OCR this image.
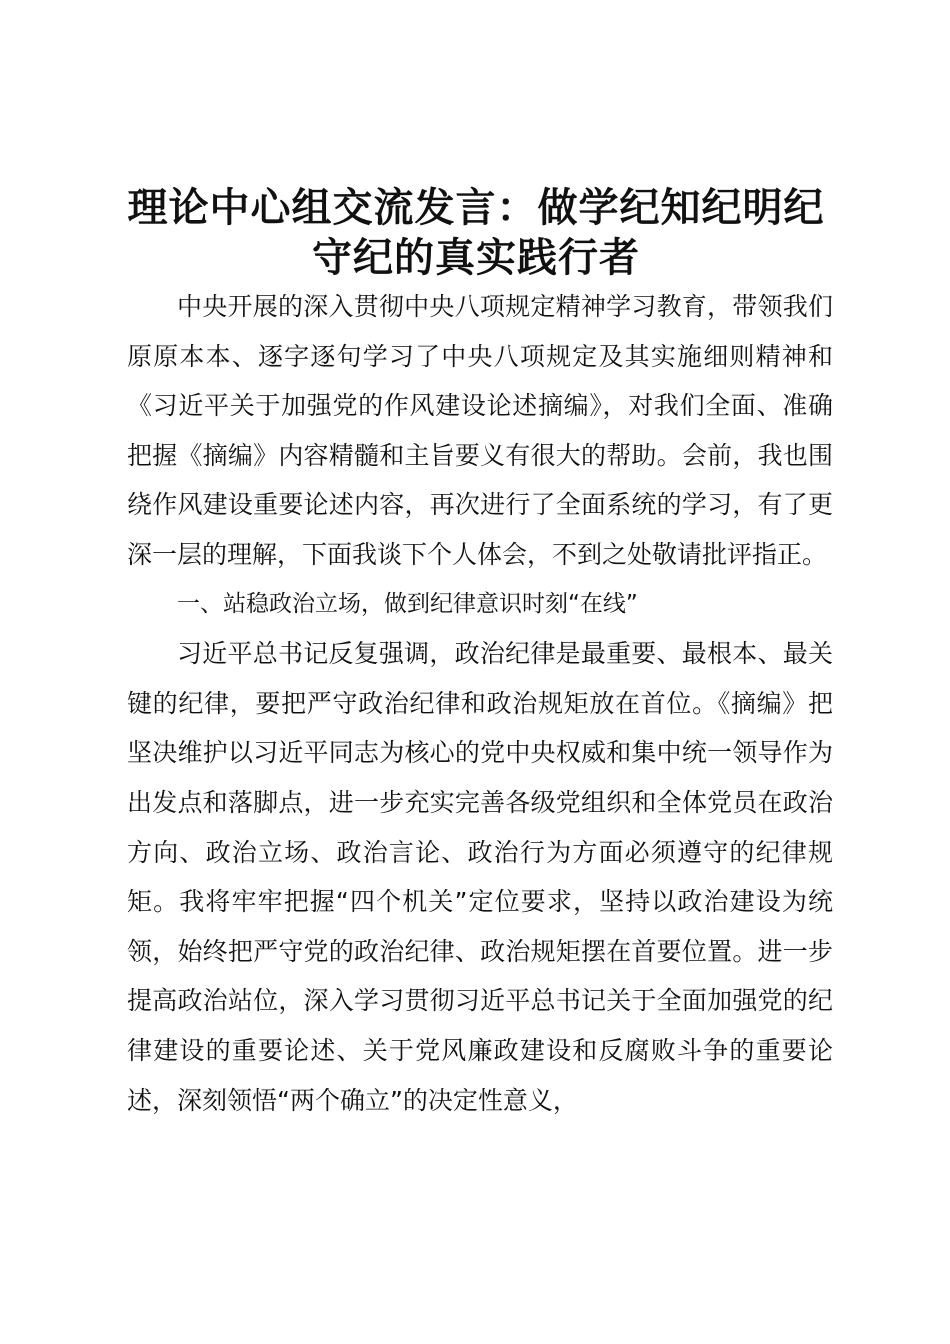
理论中心组交流发言：做学纪知纪明纪
守纪的真实践行者

中央开展的深入贯彻中央八项规定精神学习教育，带领我们原原本本、逐字逐句学习了中央八项规定及其实施细则精神和《习近平关于加强党的作风建设论述摘编》，对我们全面、准确把握《摘编》内容精髓和主旨要义有很大的帮助。会前，我也围绕作风建设重要论述内容，再次进行了全面系统的学习，有了更深一层的理解，下面我谈下个人体会，不到之处敬请批评指正。

一、站稳政治立场，做到纪律意识时刻“在线”

习近平总书记反复强调，政治纪律是最重要、最根本、最关键的纪律，要把严守政治纪律和政治规矩放在首位。《摘编》把坚决维护以习近平同志为核心的党中央权威和集中统一领导作为出发点和落脚点，进一步充实完善各级党组织和全体党员在政治方向、政治立场、政治言论、政治行为方面必须遵守的纪律规矩。我将牢牢把握“四个机关”定位要求，坚持以政治建设为统领，始终把严守党的政治纪律、政治规矩摆在首要位置。进一步提高政治站位，深入学习贯彻习近平总书记关于全面加强党的纪律建设的重要论述、关于党风廉政建设和反腐败斗争的重要论述，深刻领悟“两个确立”的决定性意义，
